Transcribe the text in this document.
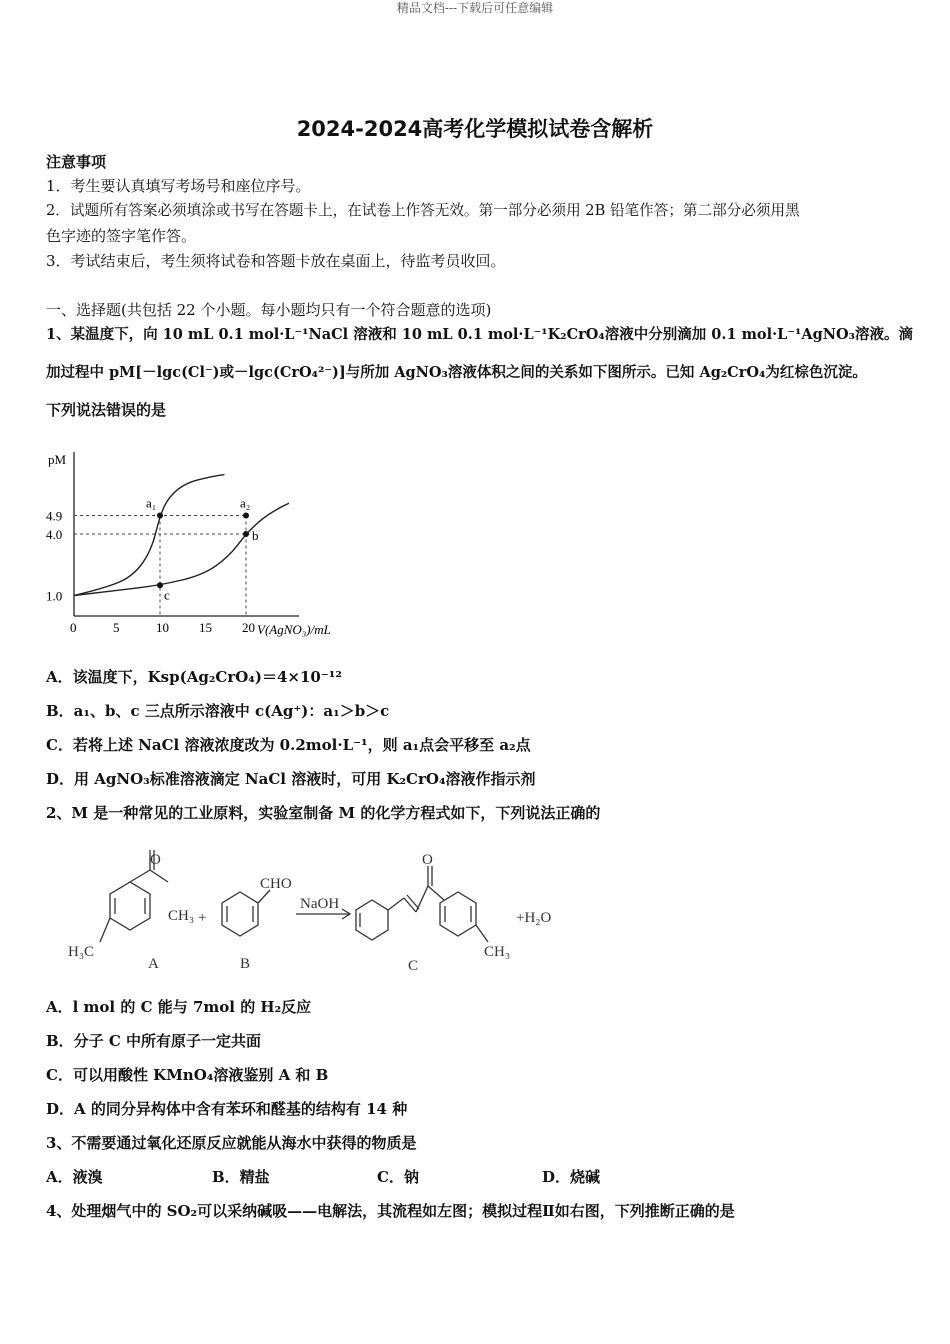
精品文档---下载后可任意编辑
2024-2024高考化学模拟试卷含解析
注意事项
1．考生要认真填写考场号和座位序号。
2．试题所有答案必须填涂或书写在答题卡上，在试卷上作答无效。第一部分必须用 2B 铅笔作答；第二部分必须用黑
色字迹的签字笔作答。
3．考试结束后，考生须将试卷和答题卡放在桌面上，待监考员收回。
一、选择题(共包括 22 个小题。每小题均只有一个符合题意的选项)
1、某温度下，向 10 mL 0.1 mol·L⁻¹NaCl 溶液和 10 mL 0.1 mol·L⁻¹K₂CrO₄溶液中分别滴加 0.1 mol·L⁻¹AgNO₃溶液。滴
加过程中 pM[－lgc(Cl⁻)或－lgc(CrO₄²⁻)]与所加 AgNO₃溶液体积之间的关系如下图所示。已知 Ag₂CrO₄为红棕色沉淀。
下列说法错误的是
pM
V(AgNO₃)/mL
0	5	10 15 20
1.0
4.0
4.9
a₁	a₂
b
c
A．该温度下，Ksp(Ag₂CrO₄)＝4×10⁻¹²
B．a₁、b、c 三点所示溶液中 c(Ag⁺)：a₁＞b＞c
C．若将上述 NaCl 溶液浓度改为 0.2mol·L⁻¹，则 a₁点会平移至 a₂点
D．用 AgNO₃标准溶液滴定 NaCl 溶液时，可用 K₂CrO₄溶液作指示剂
2、M 是一种常见的工业原料，实验室制备 M 的化学方程式如下，下列说法正确的
O
CH₃ +
H₃C
A
CHO
B
NaOH
O
C
CH₃
+H₂O
A．l mol 的 C 能与 7mol 的 H₂反应
B．分子 C 中所有原子一定共面
C．可以用酸性 KMnO₄溶液鉴别 A 和 B
D．A 的同分异构体中含有苯环和醛基的结构有 14 种
3、不需要通过氧化还原反应就能从海水中获得的物质是
A．液溴	B．精盐	C．钠	D．烧碱
4、处理烟气中的 SO₂可以采纳碱吸——电解法，其流程如左图；模拟过程Ⅱ如右图，下列推断正确的是
